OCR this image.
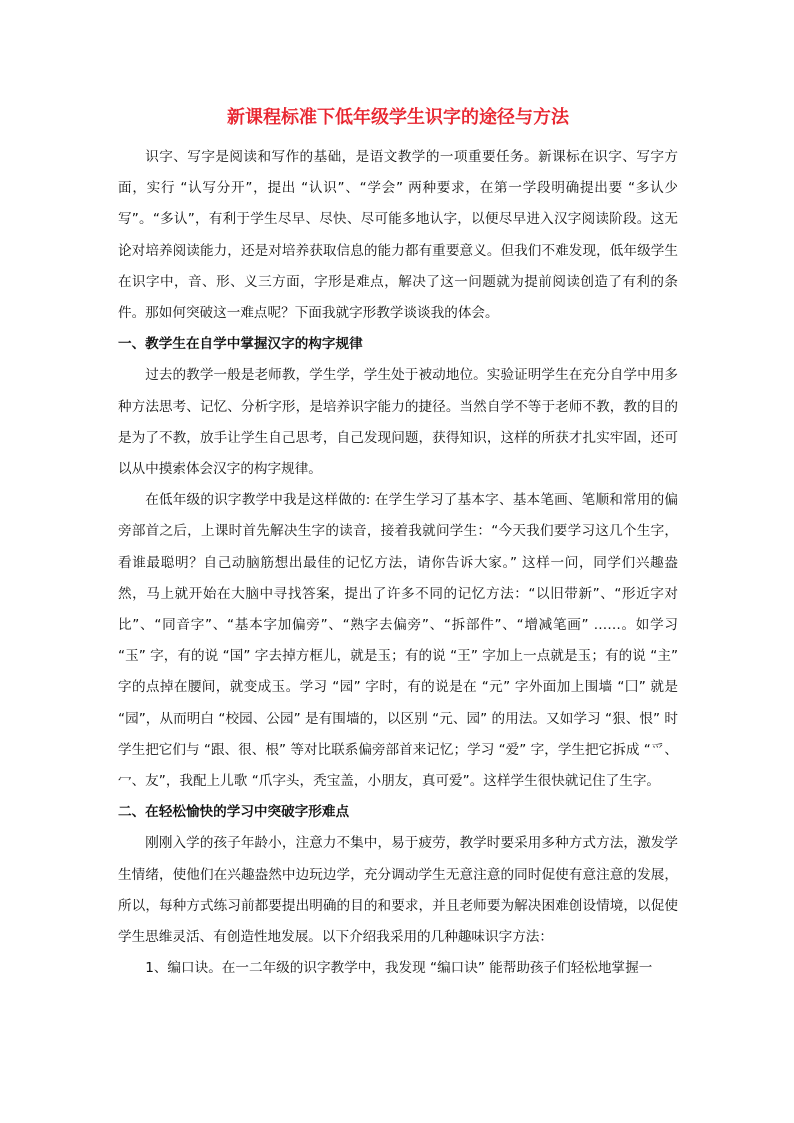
新课程标准下低年级学生识字的途径与方法

识字、写字是阅读和写作的基础，是语文教学的一项重要任务。新课标在识字、写字方面，实行 “认写分开”，提出 “认识”、“学会” 两种要求，在第一学段明确提出要 “多认少写”。“多认”，有利于学生尽早、尽快、尽可能多地认字，以便尽早进入汉字阅读阶段。这无论对培养阅读能力，还是对培养获取信息的能力都有重要意义。但我们不难发现，低年级学生在识字中，音、形、义三方面，字形是难点，解决了这一问题就为提前阅读创造了有利的条件。那如何突破这一难点呢？下面我就字形教学谈谈我的体会。

一、教学生在自学中掌握汉字的构字规律

过去的教学一般是老师教，学生学，学生处于被动地位。实验证明学生在充分自学中用多种方法思考、记忆、分析字形，是培养识字能力的捷径。当然自学不等于老师不教，教的目的是为了不教，放手让学生自己思考，自己发现问题，获得知识，这样的所获才扎实牢固，还可以从中摸索体会汉字的构字规律。

在低年级的识字教学中我是这样做的: 在学生学习了基本字、基本笔画、笔顺和常用的偏旁部首之后，上课时首先解决生字的读音，接着我就问学生：“今天我们要学习这几个生字，看谁最聪明？自己动脑筋想出最佳的记忆方法，请你告诉大家。” 这样一问，同学们兴趣盎然，马上就开始在大脑中寻找答案，提出了许多不同的记忆方法：“以旧带新”、“形近字对比”、“同音字”、“基本字加偏旁”、“熟字去偏旁”、“拆部件”、“增减笔画” ……。如学习 “玉” 字，有的说 “国” 字去掉方框儿，就是玉；有的说 “王” 字加上一点就是玉；有的说 “主” 字的点掉在腰间，就变成玉。学习 “园” 字时，有的说是在 “元” 字外面加上围墙 “囗” 就是 “园”，从而明白 “校园、公园” 是有围墙的，以区别 “元、园” 的用法。又如学习 “狠、恨” 时学生把它们与 “跟、很、根” 等对比联系偏旁部首来记忆；学习 “爱” 字，学生把它拆成 “爫、冖、友”，我配上儿歌 “爪字头，秃宝盖，小朋友，真可爱”。这样学生很快就记住了生字。

二、在轻松愉快的学习中突破字形难点

刚刚入学的孩子年龄小，注意力不集中，易于疲劳，教学时要采用多种方式方法，激发学生情绪，使他们在兴趣盎然中边玩边学，充分调动学生无意注意的同时促使有意注意的发展，所以，每种方式练习前都要提出明确的目的和要求，并且老师要为解决困难创设情境，以促使学生思维灵活、有创造性地发展。以下介绍我采用的几种趣味识字方法：

1、编口诀。在一二年级的识字教学中，我发现 “编口诀” 能帮助孩子们轻松地掌握一
